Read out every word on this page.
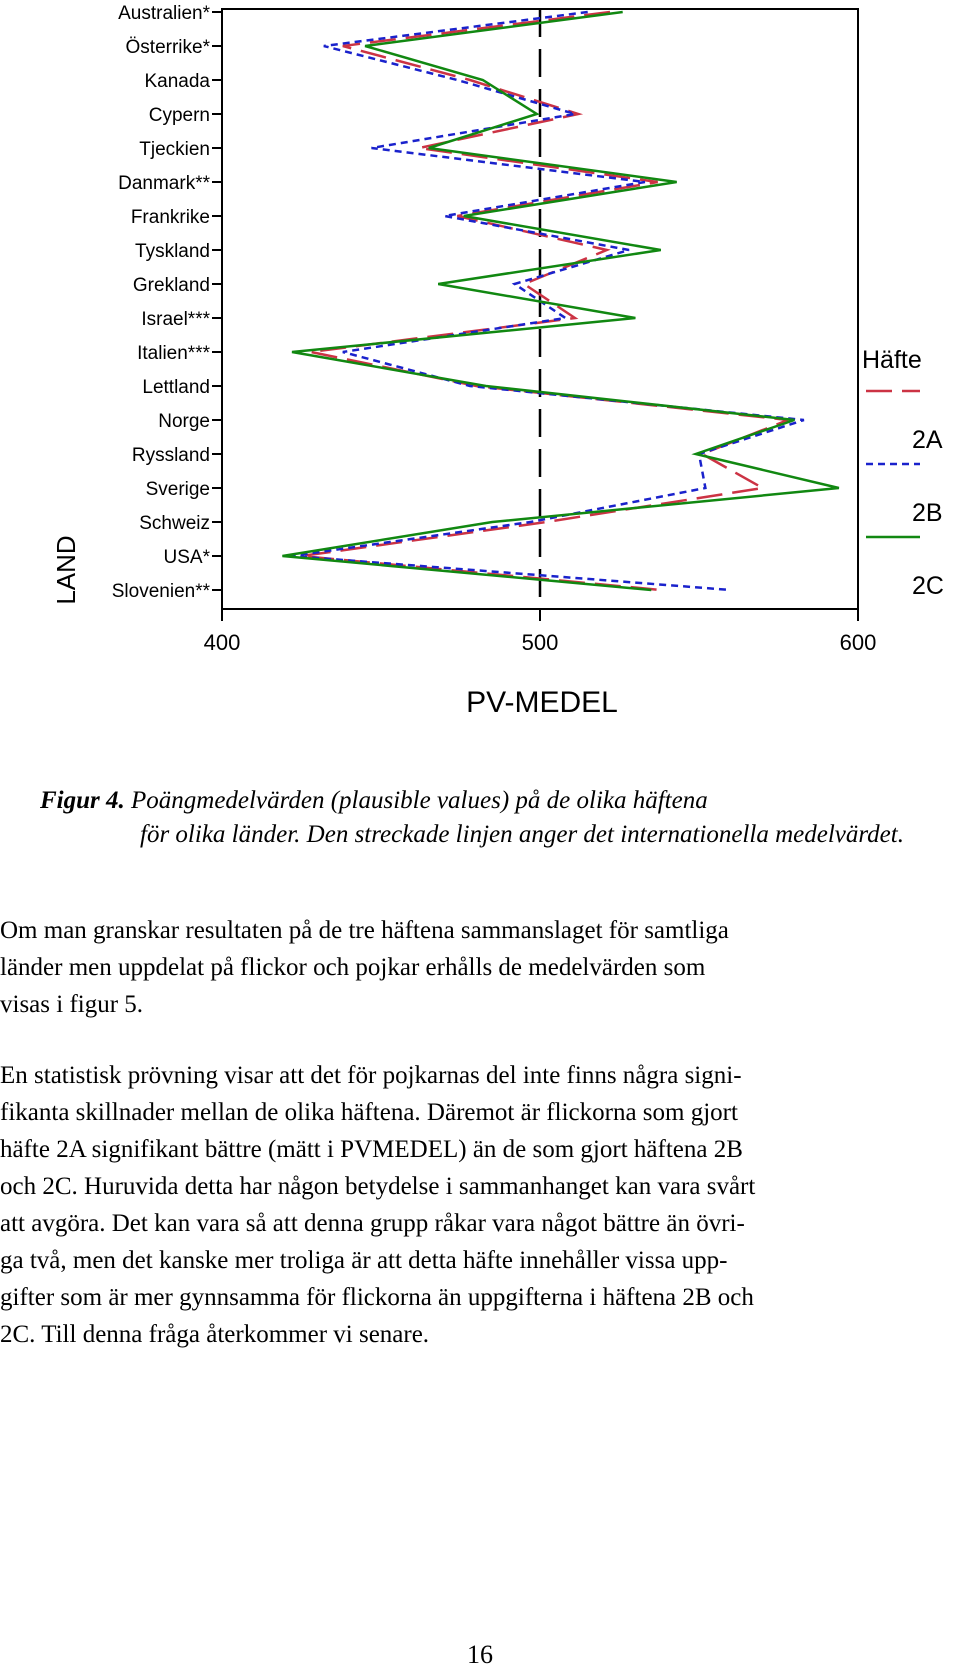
Australien*
Österrike*
Kanada
Cypern
Tjeckien
Danmark**
Frankrike
Tyskland
Grekland
Israel***
Italien***
Lettland
Norge
Ryssland
Sverige
Schweiz
USA*
Slovenien**
400	500	600
LAND
PV-MEDEL
Häfte
2A
2B
2C
Figur 4. Poängmedelvärden (plausible values) på de olika häftena
för olika länder. Den streckade linjen anger det internationella medelvärdet.

Om man granskar resultaten på de tre häftena sammanslaget för samtliga
länder men uppdelat på flickor och pojkar erhålls de medelvärden som
visas i figur 5.

En statistisk prövning visar att det för pojkarnas del inte finns några signi-
fikanta skillnader mellan de olika häftena. Däremot är flickorna som gjort
häfte 2A signifikant bättre (mätt i PVMEDEL) än de som gjort häftena 2B
och 2C. Huruvida detta har någon betydelse i sammanhanget kan vara svårt
att avgöra. Det kan vara så att denna grupp råkar vara något bättre än övri-
ga två, men det kanske mer troliga är att detta häfte innehåller vissa upp-
gifter som är mer gynnsamma för flickorna än uppgifterna i häftena 2B och
2C. Till denna fråga återkommer vi senare.

16
